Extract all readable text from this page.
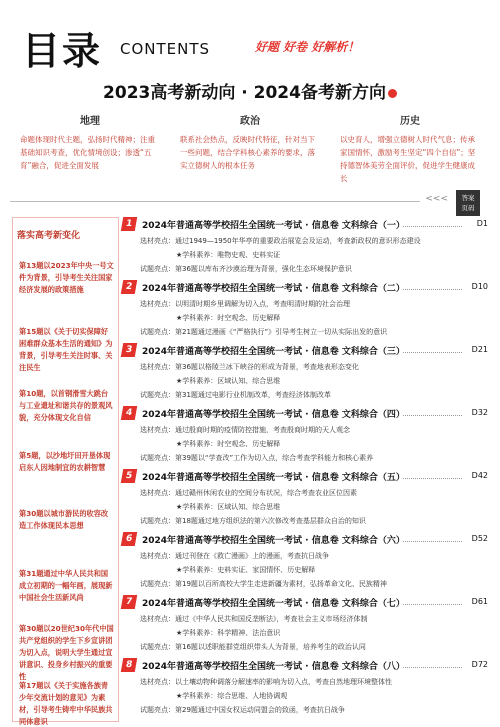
目录 CONTENTS	好题 好卷 好解析！
2023高考新动向 · 2024备考新方向
地理
命题体现时代主题，弘扬时代精神；注重基础知识考查，优化情境创设；渗透“五育”融合，促进全面发展
政治
联系社会热点，反映时代特征，针对当下一些问题，结合学科核心素养的要求，落实立德树人的根本任务
历史
以史育人，增强立德树人时代气息；传承家国情怀，激励考生坚定“四个自信”；坚持德智体美劳全面评价，促进学生健康成长
<<<	答案
页码
落实高考新变化
第13题以2023年中央一号文件为背景，引导考生关注国家经济发展的政策措施
第15题以《关于切实保障好困难群众基本生活的通知》为背景，引导考生关注时事、关注民生
第10题，以首钢滑雪大跳台与工业遗址和谐共存的景观风貌，充分体现文化自信
第5题，以沙地圩田开垦体现启东人因地制宜的农耕智慧
第30题以城市游民的收容改造工作体现民本思想
第31题通过中华人民共和国成立初期的一幅年画，展现新中国社会生活新风尚
第30题以20世纪30年代中国共产党组织的学生下乡宣讲团为切入点，说明大学生通过宣讲意识、投身乡村振兴的重要性
第17题以《关于实施各族青少年交流计划的意见》为素材，引导考生铸牢中华民族共同体意识
1 2024年普通高等学校招生全国统一考试 · 信息卷 文科综合（一）	D1
选材亮点：通过1949—1950年华亭的重要政治展览会及运动，考查新政权的意识形态建设
★学科素养：唯物史观、史料实证
试题亮点：第36题以库布齐沙漠治理为背景，强化生态环境保护意识
2 2024年普通高等学校招生全国统一考试 · 信息卷 文科综合（二）	D10
选材亮点：以明清时期乡里调解为切入点，考查明清时期的社会治理
★学科素养：时空观念、历史解释
试题亮点：第21题通过漫画《“严格执行”》引导考生树立一切从实际出发的意识
3 2024年普通高等学校招生全国统一考试 · 信息卷 文科综合（三）	D21
选材亮点：第36题以格陵兰冰下峡谷的形成为背景，考查地表形态变化
★学科素养：区域认知、综合思维
试题亮点：第31题通过电影行业机制改革，考查经济体制改革
4 2024年普通高等学校招生全国统一考试 · 信息卷 文科综合（四）	D32
选材亮点：通过殷商时期的疫情防控措施，考查殷商时期的天人观念
★学科素养：时空观念、历史解释
试题亮点：第39题以“学查改”工作为切入点，综合考查学科能力和核心素养
5 2024年普通高等学校招生全国统一考试 · 信息卷 文科综合（五）	D42
选材亮点：通过赣州休闲农业的空间分布状况，综合考查农业区位因素
★学科素养：区域认知、综合思维
试题亮点：第18题通过地方组织法的第六次修改考查基层群众自治的知识
6 2024年普通高等学校招生全国统一考试 · 信息卷 文科综合（六）	D52
选材亮点：通过刊登在《救亡漫画》上的漫画，考查抗日战争
★学科素养：史料实证、家国情怀、历史解释
试题亮点：第19题以百所高校大学生走进新疆为素材，弘扬革命文化、民族精神
7 2024年普通高等学校招生全国统一考试 · 信息卷 文科综合（七）	D61
选材亮点：通过《中华人民共和国反垄断法》，考查社会主义市场经济体制
★学科素养：科学精神、法治意识
试题亮点：第16题以述职能群党组织带头人为背景，培养考生的政治认同
8 2024年普通高等学校招生全国统一考试 · 信息卷 文科综合（八）	D72
选材亮点：以土壤动物种调落分解速率的影响为切入点，考查自然地理环境整体性
★学科素养：综合思维、人地协调观
试题亮点：第29题通过中国女权运动同盟会的致函，考查抗日战争
